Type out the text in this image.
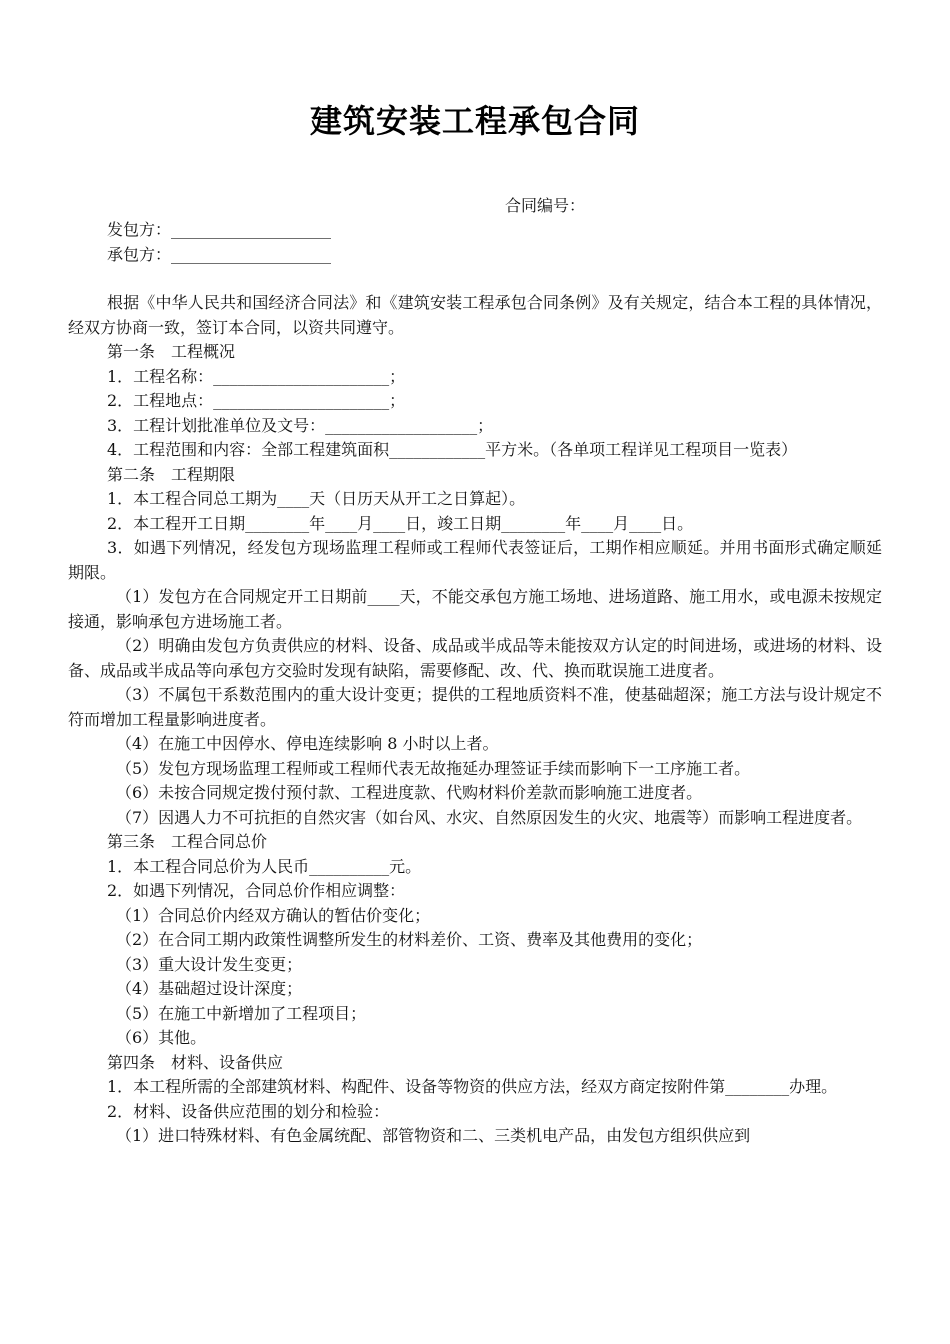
建筑安装工程承包合同
合同编号：
发包方：____________________
承包方：____________________

根据《中华人民共和国经济合同法》和《建筑安装工程承包合同条例》及有关规定，结合本工程的具体情况，经双方协商一致，签订本合同，以资共同遵守。

第一条　工程概况

1．工程名称：______________________；

2．工程地点：______________________；

3．工程计划批准单位及文号：___________________；

4．工程范围和内容：全部工程建筑面积____________平方米。（各单项工程详见工程项目一览表）

第二条　工程期限

1．本工程合同总工期为____天（日历天从开工之日算起）。

2．本工程开工日期________年____月____日，竣工日期________年____月____日。

3．如遇下列情况，经发包方现场监理工程师或工程师代表签证后，工期作相应顺延。并用书面形式确定顺延期限。

（1）发包方在合同规定开工日期前____天，不能交承包方施工场地、进场道路、施工用水，或电源未按规定接通，影响承包方进场施工者。

（2）明确由发包方负责供应的材料、设备、成品或半成品等未能按双方认定的时间进场，或进场的材料、设备、成品或半成品等向承包方交验时发现有缺陷，需要修配、改、代、换而耽误施工进度者。

（3）不属包干系数范围内的重大设计变更；提供的工程地质资料不准，使基础超深；施工方法与设计规定不符而增加工程量影响进度者。

（4）在施工中因停水、停电连续影响 8 小时以上者。

（5）发包方现场监理工程师或工程师代表无故拖延办理签证手续而影响下一工序施工者。

（6）未按合同规定拨付预付款、工程进度款、代购材料价差款而影响施工进度者。

（7）因遇人力不可抗拒的自然灾害（如台风、水灾、自然原因发生的火灾、地震等）而影响工程进度者。

第三条　工程合同总价

1．本工程合同总价为人民币__________元。

2．如遇下列情况，合同总价作相应调整：

（1）合同总价内经双方确认的暂估价变化；

（2）在合同工期内政策性调整所发生的材料差价、工资、费率及其他费用的变化；

（3）重大设计发生变更；

（4）基础超过设计深度；

（5）在施工中新增加了工程项目；

（6）其他。

第四条　材料、设备供应

1．本工程所需的全部建筑材料、构配件、设备等物资的供应方法，经双方商定按附件第________办理。

2．材料、设备供应范围的划分和检验：

（1）进口特殊材料、有色金属统配、部管物资和二、三类机电产品，由发包方组织供应到
